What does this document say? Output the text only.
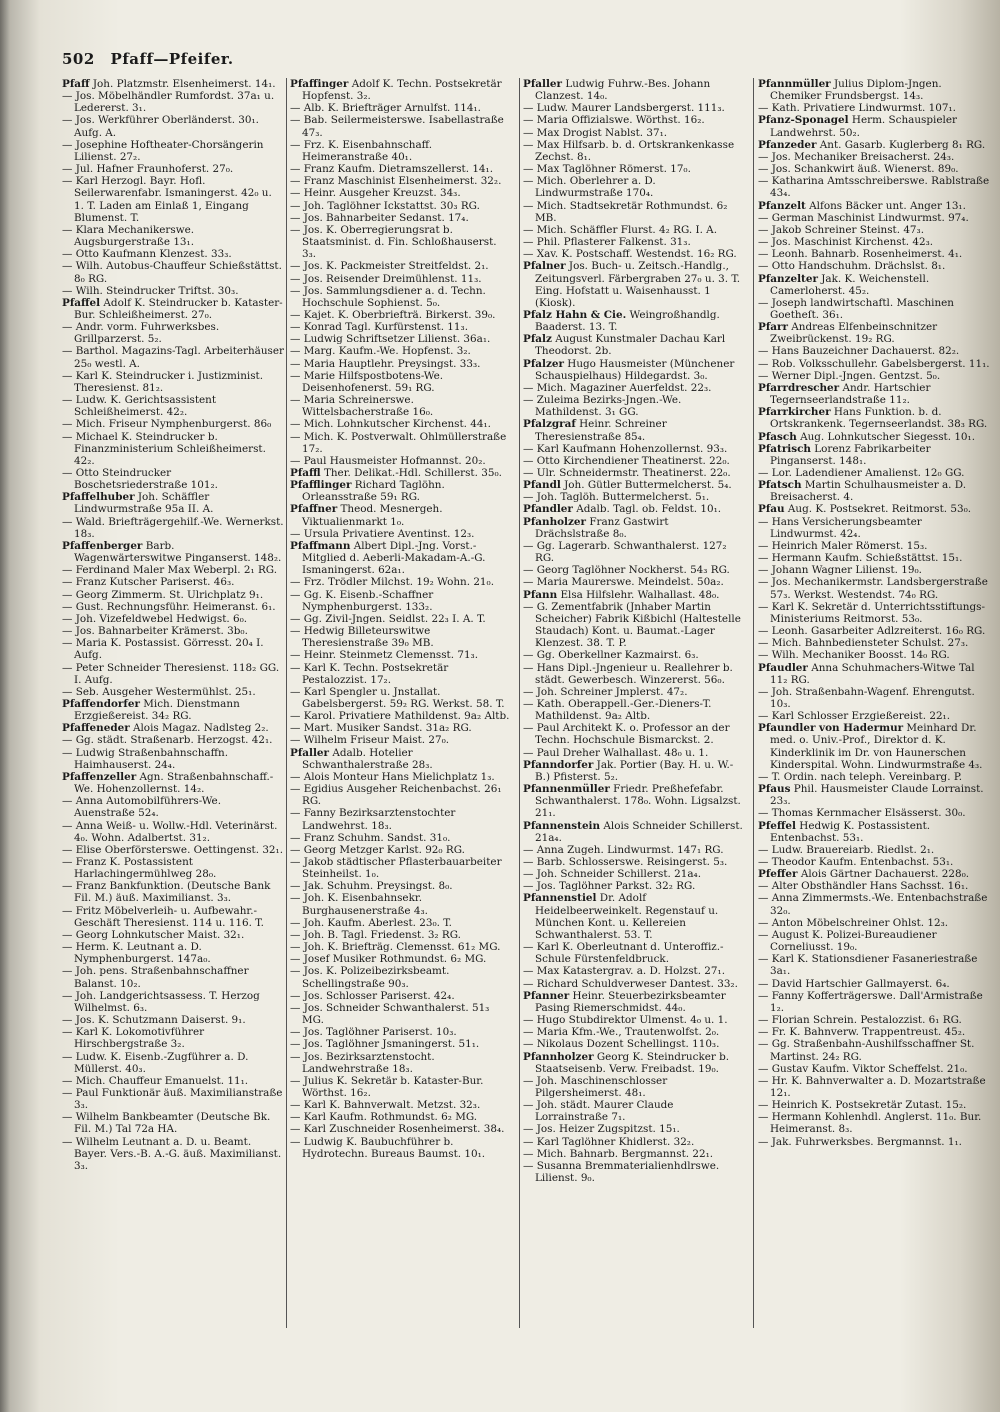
502 Pfaff—Pfeifer.
Pfaff Joh. Platzmstr. Elsenheimerst. 14₁.
— Jos. Möbelhändler Rumfordst. 37a₁ u. Ledererst. 3₁.
— Jos. Werkführer Oberländerst. 30₁. Aufg. A.
— Josephine Hoftheater-Chorsängerin Lilienst. 27₂.
— Jul. Hafner Fraunhoferst. 27₀.
— Karl Herzogl. Bayr. Hofl. Seilerwarenfabr. Ismaningerst. 42₀ u. 1. T. Laden am Einlaß 1, Eingang Blumenst. T.
— Klara Mechanikerswe. Augsburgerstraße 13₁.
— Otto Kaufmann Klenzest. 33₃.
— Wilh. Autobus-Chauffeur Schießstättst. 8₀ RG.
— Wilh. Steindrucker Triftst. 30₃.
Pfaffel Adolf K. Steindrucker b. Kataster-Bur. Schleißheimerst. 27₀.
— Andr. vorm. Fuhrwerksbes. Grillparzerst. 5₂.
— Barthol. Magazins-Tagl. Arbeiterhäuser 25₀ westl. A.
— Karl K. Steindrucker i. Justizminist. Theresienst. 81₂.
— Ludw. K. Gerichtsassistent Schleißheimerst. 42₂.
— Mich. Friseur Nymphenburgerst. 86₀
— Michael K. Steindrucker b. Finanzministerium Schleißheimerst. 42₂.
— Otto Steindrucker Boschetsriederstraße 101₂.
Pfaffelhuber Joh. Schäffler Lindwurmstraße 95a II. A.
— Wald. Briefträgergehilf.-We. Wernerkst. 18₃.
Pfaffenberger Barb. Wagenwärterswitwe Pinganserst. 148₂.
— Ferdinand Maler Max Weberpl. 2₁ RG.
— Franz Kutscher Pariserst. 46₃.
— Georg Zimmerm. St. Ulrichplatz 9₁.
— Gust. Rechnungsführ. Heimeranst. 6₁.
— Joh. Vizefeldwebel Hedwigst. 6₀.
— Jos. Bahnarbeiter Krämerst. 3b₀.
— Maria K. Postassist. Görresst. 20₄ I. Aufg.
— Peter Schneider Theresienst. 118₂ GG. I. Aufg.
— Seb. Ausgeher Westermühlst. 25₁.
Pfaffendorfer Mich. Dienstmann Erzgießereist. 34₂ RG.
Pfaffeneder Alois Magaz. Nadlsteg 2₂.
— Gg. städt. Straßenarb. Herzogst. 42₁.
— Ludwig Straßenbahnschaffn. Haimhauserst. 24₄.
Pfaffenzeller Agn. Straßenbahnschaff.-We. Hohenzollernst. 14₂.
— Anna Automobilführers-We. Auenstraße 52₄.
— Anna Weiß- u. Wollw.-Hdl. Veterinärst. 4₀. Wohn. Adalbertst. 31₂.
— Elise Oberförsterswe. Oettingenst. 32₁.
— Franz K. Postassistent Harlachingermühlweg 28₀.
— Franz Bankfunktion. (Deutsche Bank Fil. M.) äuß. Maximilianst. 3₃.
— Fritz Möbelverleih- u. Aufbewahr.-Geschäft Theresienst. 114 u. 116. T.
— Georg Lohnkutscher Maist. 32₁.
— Herm. K. Leutnant a. D. Nymphenburgerst. 147a₀.
— Joh. pens. Straßenbahnschaffner Balanst. 10₂.
— Joh. Landgerichtsassess. T. Herzog Wilhelmst. 6₃.
— Jos. K. Schutzmann Daiserst. 9₁.
— Karl K. Lokomotivführer Hirschbergstraße 3₂.
— Ludw. K. Eisenb.-Zugführer a. D. Müllerst. 40₃.
— Mich. Chauffeur Emanuelst. 11₁.
— Paul Funktionär äuß. Maximilianstraße 3₃.
— Wilhelm Bankbeamter (Deutsche Bk. Fil. M.) Tal 72a HA.
— Wilhelm Leutnant a. D. u. Beamt. Bayer. Vers.-B. A.-G. äuß. Maximilianst. 3₃.
Pfaffinger Adolf K. Techn. Postsekretär Hopfenst. 3₂.
— Alb. K. Briefträger Arnulfst. 114₁.
— Bab. Seilermeisterswe. Isabellastraße 47₃.
— Frz. K. Eisenbahnschaff. Heimeranstraße 40₁.
— Franz Kaufm. Dietramszellerst. 14₁.
— Franz Maschinist Elsenheimerst. 32₂.
— Heinr. Ausgeher Kreuzst. 34₃.
— Joh. Taglöhner Ickstattst. 30₃ RG.
— Jos. Bahnarbeiter Sedanst. 17₄.
— Jos. K. Oberregierungsrat b. Staatsminist. d. Fin. Schloßhauserst. 3₃.
— Jos. K. Packmeister Streitfeldst. 2₁.
— Jos. Reisender Dreimühlenst. 11₃.
— Jos. Sammlungsdiener a. d. Techn. Hochschule Sophienst. 5₀.
— Kajet. K. Oberbriefträ. Birkerst. 39₀.
— Konrad Tagl. Kurfürstenst. 11₃.
— Ludwig Schriftsetzer Lilienst. 36a₁.
— Marg. Kaufm.-We. Hopfenst. 3₂.
— Maria Hauptlehr. Preysingst. 33₃.
— Marie Hilfspostbotens-We. Deisenhofenerst. 59₁ RG.
— Maria Schreinerswe. Wittelsbacherstraße 16₀.
— Mich. Lohnkutscher Kirchenst. 44₁.
— Mich. K. Postverwalt. Ohlmüllerstraße 17₂.
— Paul Hausmeister Hofmannst. 20₂.
Pfaffl Ther. Delikat.-Hdl. Schillerst. 35₀.
Pfafflinger Richard Taglöhn. Orleansstraße 59₁ RG.
Pfaffner Theod. Mesnergeh. Viktualienmarkt 1₀.
— Ursula Privatiere Aventinst. 12₃.
Pfaffmann Albert Dipl.-Jng. Vorst.-Mitglied d. Aeberli-Makadam-A.-G. Ismaningerst. 62a₁.
— Frz. Trödler Milchst. 19₂ Wohn. 21₀.
— Gg. K. Eisenb.-Schaffner Nymphenburgerst. 133₂.
— Gg. Zivil-Jngen. Seidlst. 22₃ I. A. T.
— Hedwig Billeteurswitwe Theresienstraße 39₀ MB.
— Heinr. Steinmetz Clemensst. 71₃.
— Karl K. Techn. Postsekretär Pestalozzist. 17₂.
— Karl Spengler u. Jnstallat. Gabelsbergerst. 59₂ RG. Werkst. 58. T.
— Karol. Privatiere Mathildenst. 9a₂ Altb.
— Mart. Musiker Sandst. 31a₂ RG.
— Wilhelm Friseur Maist. 27₀.
Pfaller Adalb. Hotelier Schwanthalerstraße 28₃.
— Alois Monteur Hans Mielichplatz 1₃.
— Egidius Ausgeher Reichenbachst. 26₁ RG.
— Fanny Bezirksarztenstochter Landwehrst. 18₃.
— Franz Schuhm. Sandst. 31₀.
— Georg Metzger Karlst. 92₀ RG.
— Jakob städtischer Pflasterbauarbeiter Steinheilst. 1₀.
— Jak. Schuhm. Preysingst. 8₀.
— Joh. K. Eisenbahnsekr. Burghausenerstraße 4₃.
— Joh. Kaufm. Aberlest. 23₀. T.
— Joh. B. Tagl. Friedenst. 3₂ RG.
— Joh. K. Briefträg. Clemensst. 61₂ MG.
— Josef Musiker Rothmundst. 6₂ MG.
— Jos. K. Polizeibezirksbeamt. Schellingstraße 90₃.
— Jos. Schlosser Pariserst. 42₄.
— Jos. Schneider Schwanthalerst. 51₃ MG.
— Jos. Taglöhner Pariserst. 10₃.
— Jos. Taglöhner Jsmaningerst. 51₁.
— Jos. Bezirksarztenstocht. Landwehrstraße 18₃.
— Julius K. Sekretär b. Kataster-Bur. Wörthst. 16₂.
— Karl K. Bahnverwalt. Metzst. 32₃.
— Karl Kaufm. Rothmundst. 6₂ MG.
— Karl Zuschneider Rosenheimerst. 38₄.
— Ludwig K. Baubuchführer b. Hydrotechn. Bureaus Baumst. 10₁.
Pfaller Ludwig Fuhrw.-Bes. Johann Clanzest. 14₀.
— Ludw. Maurer Landsbergerst. 111₃.
— Maria Offizialswe. Wörthst. 16₂.
— Max Drogist Nablst. 37₁.
— Max Hilfsarb. b. d. Ortskrankenkasse Zechst. 8₁.
— Max Taglöhner Römerst. 17₀.
— Mich. Oberlehrer a. D. Lindwurmstraße 170₄.
— Mich. Stadtsekretär Rothmundst. 6₂ MB.
— Mich. Schäffler Flurst. 4₂ RG. I. A.
— Phil. Pflasterer Falkenst. 31₃.
— Xav. K. Postschaff. Westendst. 16₂ RG.
Pfalner Jos. Buch- u. Zeitsch.-Handlg., Zeitungsverl. Färbergraben 27₀ u. 3. T. Eing. Hofstatt u. Waisenhausst. 1 (Kiosk).
Pfalz Hahn & Cie. Weingroßhandlg. Baaderst. 13. T.
Pfalz August Kunstmaler Dachau Karl Theodorst. 2b.
Pfalzer Hugo Hausmeister (Münchener Schauspielhaus) Hildegardst. 3₀.
— Mich. Magaziner Auerfeldst. 22₃.
— Zuleima Bezirks-Jngen.-We. Mathildenst. 3₁ GG.
Pfalzgraf Heinr. Schreiner Theresienstraße 85₄.
— Karl Kaufmann Hohenzollernst. 93₃.
— Otto Kirchendiener Theatinerst. 22₀.
— Ulr. Schneidermstr. Theatinerst. 22₀.
Pfandl Joh. Gütler Buttermelcherst. 5₄.
— Joh. Taglöh. Buttermelcherst. 5₁.
Pfandler Adalb. Tagl. ob. Feldst. 10₁.
Pfanholzer Franz Gastwirt Drächslstraße 8₀.
— Gg. Lagerarb. Schwanthalerst. 127₂ RG.
— Georg Taglöhner Nockherst. 54₃ RG.
— Maria Maurerswe. Meindelst. 50a₂.
Pfann Elsa Hilfslehr. Walhallast. 48₀.
— G. Zementfabrik (Jnhaber Martin Scheicher) Fabrik Kißbichl (Haltestelle Staudach) Kont. u. Baumat.-Lager Klenzest. 38. T. P.
— Gg. Oberkellner Kazmairst. 6₃.
— Hans Dipl.-Jngenieur u. Reallehrer b. städt. Gewerbesch. Winzererst. 56₀.
— Joh. Schreiner Jmplerst. 47₂.
— Kath. Oberappell.-Ger.-Dieners-T. Mathildenst. 9a₂ Altb.
— Paul Architekt K. o. Professor an der Techn. Hochschule Bismarckst. 2.
— Paul Dreher Walhallast. 48₀ u. 1.
Pfanndorfer Jak. Portier (Bay. H. u. W.-B.) Pfisterst. 5₂.
Pfannenmüller Friedr. Preßhefefabr. Schwanthalerst. 178₀. Wohn. Ligsalzst. 21₁.
Pfannenstein Alois Schneider Schillerst. 21a₄.
— Anna Zugeh. Lindwurmst. 147₁ RG.
— Barb. Schlosserswe. Reisingerst. 5₃.
— Joh. Schneider Schillerst. 21a₄.
— Jos. Taglöhner Parkst. 32₂ RG.
Pfannenstiel Dr. Adolf Heidelbeerweinkelt. Regenstauf u. München Kont. u. Kellereien Schwanthalerst. 53. T.
— Karl K. Oberleutnant d. Unteroffiz.-Schule Fürstenfeldbruck.
— Max Katastergrav. a. D. Holzst. 27₁.
— Richard Schuldverweser Dantest. 33₂.
Pfanner Heinr. Steuerbezirksbeamter Pasing Riemerschmidst. 44₀.
— Hugo Stubdirektor Ulmenst. 4₀ u. 1.
— Maria Kfm.-We., Trautenwolfst. 2₀.
— Nikolaus Dozent Schellingst. 110₃.
Pfannholzer Georg K. Steindrucker b. Staatseisenb. Verw. Freibadst. 19₀.
— Joh. Maschinenschlosser Pilgersheimerst. 48₁.
— Joh. städt. Maurer Claude Lorrainstraße 7₁.
— Jos. Heizer Zugspitzst. 15₁.
— Karl Taglöhner Khidlerst. 32₂.
— Mich. Bahnarb. Bergmannst. 22₁.
— Susanna Bremmaterialienhdlrswe. Lilienst. 9₀.
Pfannmüller Julius Diplom-Jngen. Chemiker Frundsbergst. 14₃.
— Kath. Privatiere Lindwurmst. 107₁.
Pfanz-Sponagel Herm. Schauspieler Landwehrst. 50₂.
Pfanzeder Ant. Gasarb. Kuglerberg 8₁ RG.
— Jos. Mechaniker Breisacherst. 24₃.
— Jos. Schankwirt äuß. Wienerst. 89₀.
— Katharina Amtsschreiberswe. Rablstraße 43₄.
Pfanzelt Alfons Bäcker unt. Anger 13₁.
— German Maschinist Lindwurmst. 97₄.
— Jakob Schreiner Steinst. 47₃.
— Jos. Maschinist Kirchenst. 42₃.
— Leonh. Bahnarb. Rosenheimerst. 4₁.
— Otto Handschuhm. Drächslst. 8₁.
Pfanzelter Jak. K. Weichenstell. Camerloherst. 45₂.
— Joseph landwirtschaftl. Maschinen Goetheſt. 36₁.
Pfarr Andreas Elfenbeinschnitzer Zweibrückenst. 19₂ RG.
— Hans Bauzeichner Dachauerst. 82₂.
— Rob. Volksschullehr. Gabelsbergerst. 11₁.
— Werner Dipl.-Jngen. Gentzst. 5₀.
Pfarrdrescher Andr. Hartschier Tegernseerlandstraße 11₂.
Pfarrkircher Hans Funktion. b. d. Ortskrankenk. Tegernseerlandst. 38₃ RG.
Pfasch Aug. Lohnkutscher Siegesst. 10₁.
Pfatrisch Lorenz Fabrikarbeiter Pinganserst. 148₁.
— Lor. Ladendiener Amalienst. 12₀ GG.
Pfatsch Martin Schulhausmeister a. D. Breisacherst. 4.
Pfau Aug. K. Postsekret. Reitmorst. 53₀.
— Hans Versicherungsbeamter Lindwurmst. 42₄.
— Heinrich Maler Römerst. 15₃.
— Hermann Kaufm. Schießstättst. 15₁.
— Johann Wagner Lilienst. 19₀.
— Jos. Mechanikermstr. Landsbergerstraße 57₃. Werkst. Westendst. 74₀ RG.
— Karl K. Sekretär d. Unterrichtsstiftungs-Ministeriums Reitmorst. 53₀.
— Leonh. Gasarbeiter Adlzreiterst. 16₀ RG.
— Mich. Bahnbediensteter Schulst. 27₃.
— Wilh. Mechaniker Boosst. 14₀ RG.
Pfaudler Anna Schuhmachers-Witwe Tal 11₂ RG.
— Joh. Straßenbahn-Wagenf. Ehrengutst. 10₃.
— Karl Schlosser Erzgießereist. 22₁.
Pfaundler von Hadermur Meinhard Dr. med. o. Univ.-Prof., Direktor d. K. Kinderklinik im Dr. von Haunerschen Kinderspital. Wohn. Lindwurmstraße 4₃.
— T. Ordin. nach teleph. Vereinbarg. P.
Pfaus Phil. Hausmeister Claude Lorrainst. 23₃.
— Thomas Kernmacher Elsässerst. 30₀.
Pfeffel Hedwig K. Postassistent. Entenbachst. 53₁.
— Ludw. Brauereiarb. Riedlst. 2₁.
— Theodor Kaufm. Entenbachst. 53₁.
Pfeffer Alois Gärtner Dachauerst. 228₀.
— Alter Obsthändler Hans Sachsst. 16₁.
— Anna Zimmermsts.-We. Entenbachstraße 32₀.
— Anton Möbelschreiner Ohlst. 12₃.
— August K. Polizei-Bureaudiener Corneliusst. 19₀.
— Karl K. Stationsdiener Fasaneriestraße 3a₁.
— David Hartschier Gallmayerst. 6₄.
— Fanny Kofferträgerswe. Dall'Armistraße 1₂.
— Florian Schrein. Pestalozzist. 6₁ RG.
— Fr. K. Bahnverw. Trappentreust. 45₂.
— Gg. Straßenbahn-Aushilfsschaffner St. Martinst. 24₂ RG.
— Gustav Kaufm. Viktor Scheffelst. 21₀.
— Hr. K. Bahnverwalter a. D. Mozartstraße 12₁.
— Heinrich K. Postsekretär Zutast. 15₂.
— Hermann Kohlenhdl. Anglerst. 11₀. Bur. Heimeranst. 8₃.
— Jak. Fuhrwerksbes. Bergmannst. 1₁.
